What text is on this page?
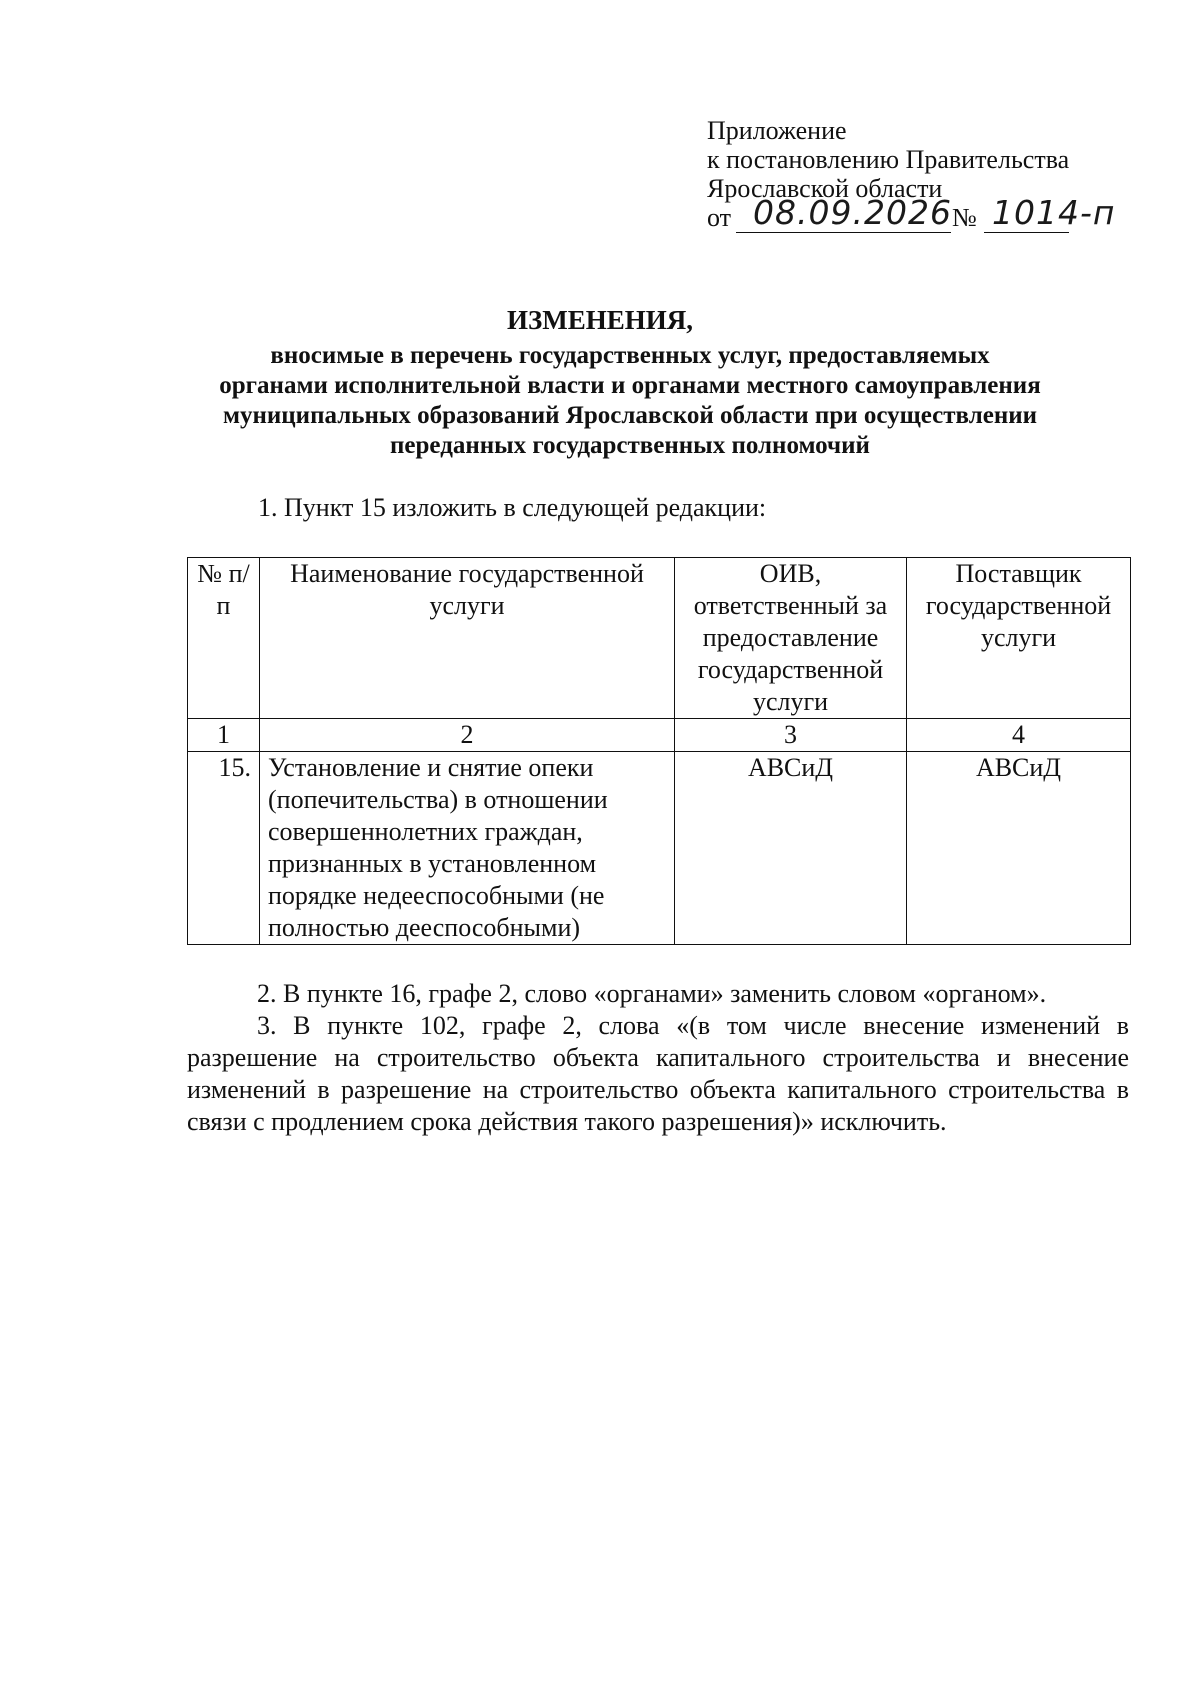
Приложение
к постановлению Правительства
Ярославской области
от 08.09.2026 № 1014-п
ИЗМЕНЕНИЯ,
вносимые в перечень государственных услуг, предоставляемых
органами исполнительной власти и органами местного самоуправления
муниципальных образований Ярославской области при осуществлении
переданных государственных полномочий
1. Пункт 15 изложить в следующей редакции:
№ п/п	Наименование государственной услуги	ОИВ, ответственный за предоставление государственной услуги	Поставщик государственной услуги
1	2	3	4
15.	Установление и снятие опеки (попечительства) в отношении совершеннолетних граждан, признанных в установленном порядке недееспособными (не полностью дееспособными)	АВСиД	АВСиД

2. В пункте 16, графе 2, слово «органами» заменить словом «органом».

3. В пункте 102, графе 2, слова «(в том числе внесение изменений в разрешение на строительство объекта капитального строительства и внесение изменений в разрешение на строительство объекта капитального строительства в связи с продлением срока действия такого разрешения)» исключить.
